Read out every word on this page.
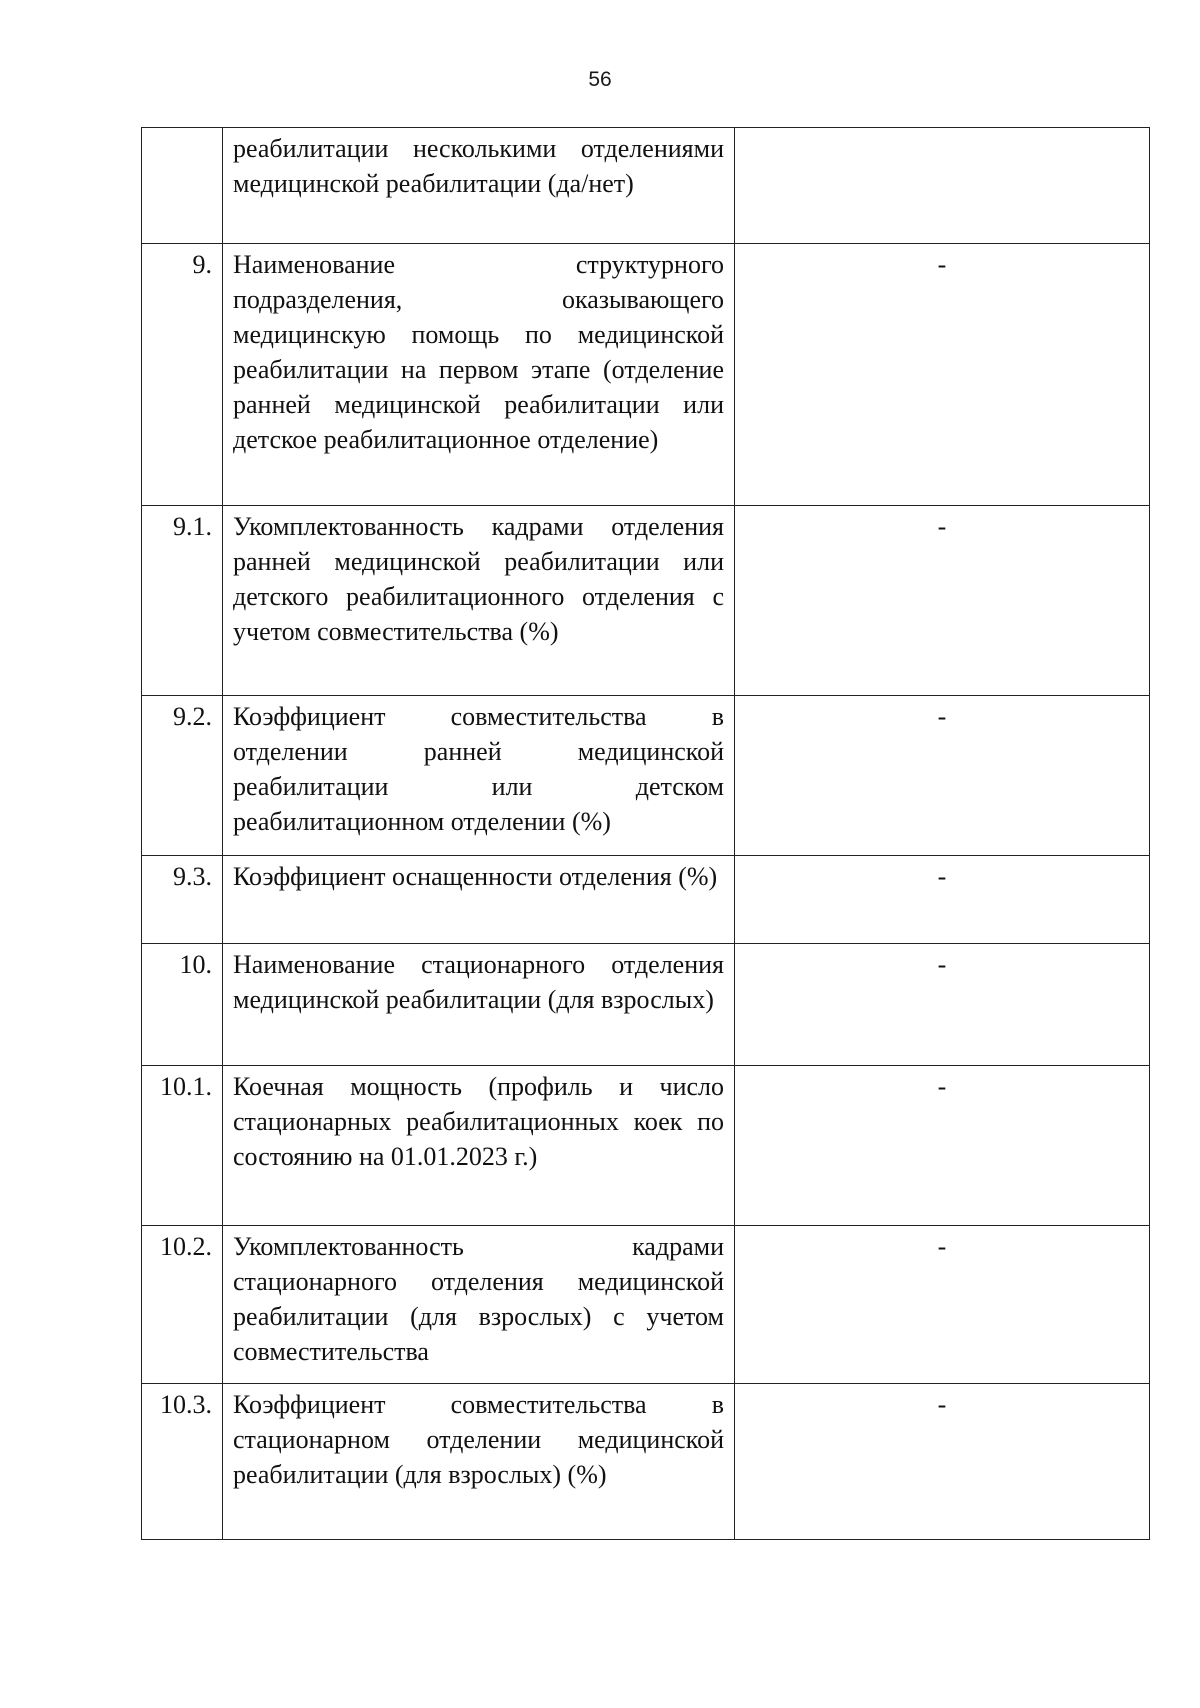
56
	реабилитации несколькими отделениями медицинской реабилитации (да/нет)	
9.	Наименование структурного подразделения, оказывающего медицинскую помощь по медицинской реабилитации на первом этапе (отделение ранней медицинской реабилитации или детское реабилитационное отделение)	-
9.1.	Укомплектованность кадрами отделения ранней медицинской реабилитации или детского реабилитационного отделения с учетом совместительства (%)	-
9.2.	Коэффициент совместительства в отделении ранней медицинской реабилитации или детском реабилитационном отделении (%)	-
9.3.	Коэффициент оснащенности отделения (%)	-
10.	Наименование стационарного отделения медицинской реабилитации (для взрослых)	-
10.1.	Коечная мощность (профиль и число стационарных реабилитационных коек по состоянию на 01.01.2023 г.)	-
10.2.	Укомплектованность кадрами стационарного отделения медицинской реабилитации (для взрослых) с учетом совместительства	-
10.3.	Коэффициент совместительства в стационарном отделении медицинской реабилитации (для взрослых) (%)	-
